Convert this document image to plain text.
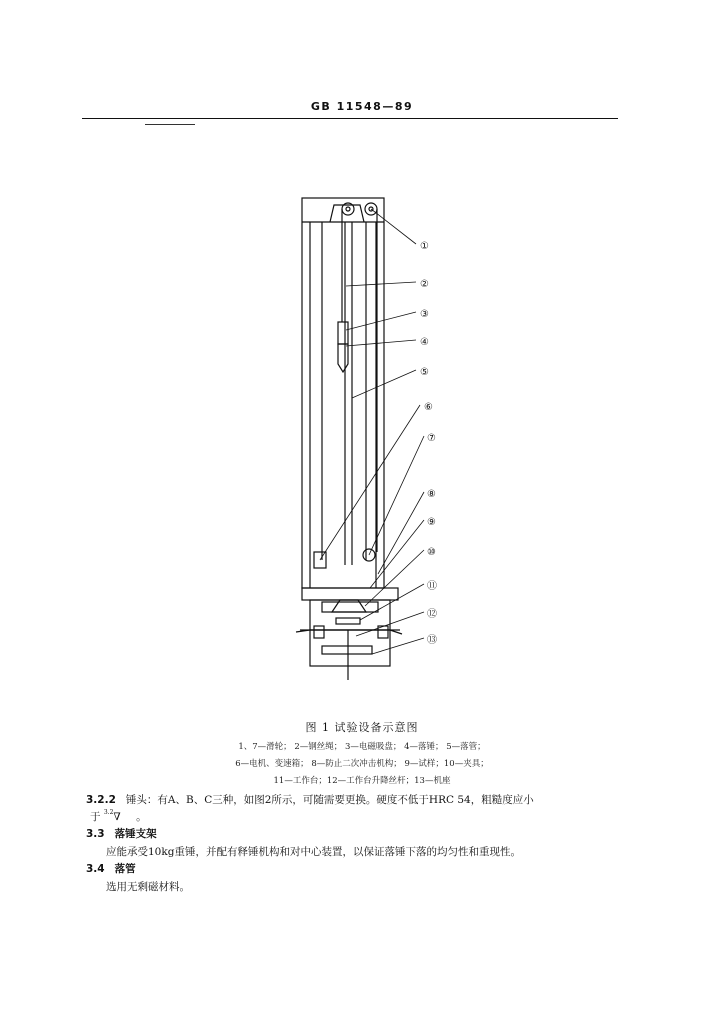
GB 11548—89
①
②
③
④
⑤
⑥
⑦
⑧
⑨
⑩
⑪
⑫
⑬
图 1 试验设备示意图
1、7—滑轮； 2—钢丝绳； 3—电磁吸盘； 4—落锤； 5—落管；
6—电机、变速箱； 8—防止二次冲击机构； 9—试样；10—夹具；
11—工作台；12—工作台升降丝杆；13—机座
3.2.2 锤头：有A、B、C三种，如图2所示，可随需要更换。硬度不低于HRC 54，粗糙度应小
于 $^{3.2}$∇ 。
3.3 落锤支架
应能承受10kg重锤，并配有释锤机构和对中心装置，以保证落锤下落的均匀性和重现性。
3.4 落管
选用无剩磁材料。
